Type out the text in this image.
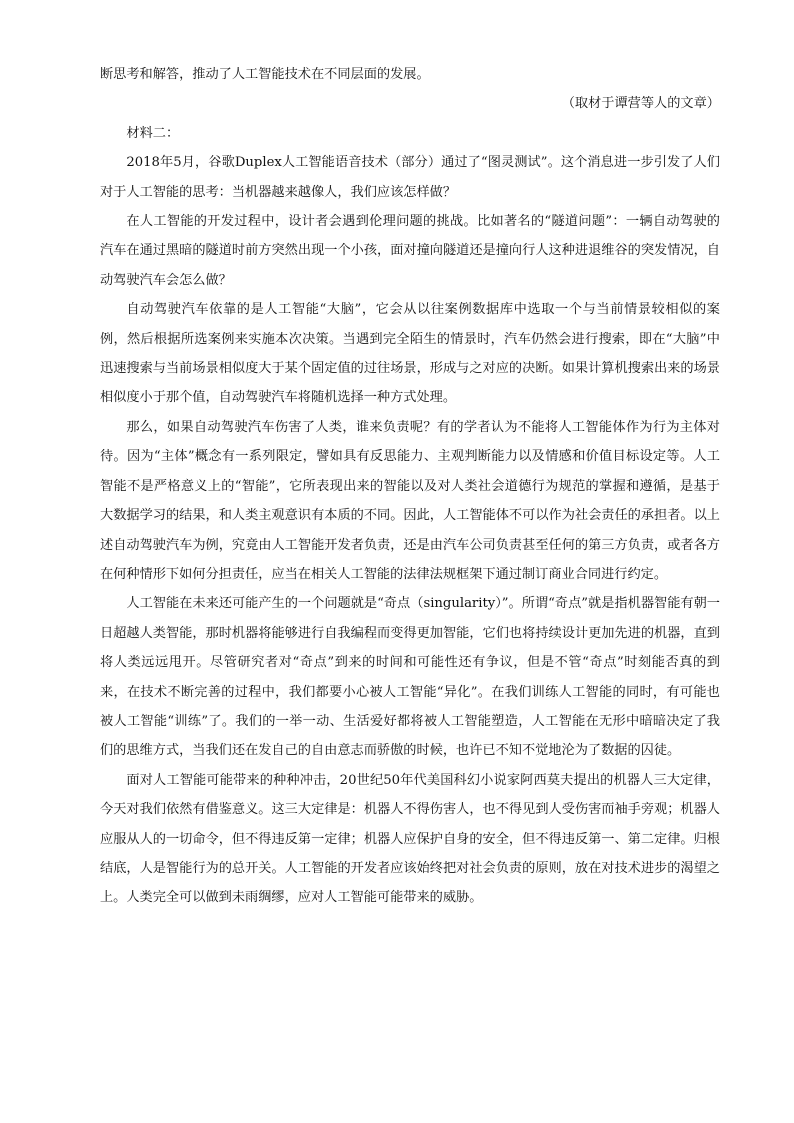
断思考和解答，推动了人工智能技术在不同层面的发展。

（取材于谭营等人的文章）

材料二：

2018年5月，谷歌Duplex人工智能语音技术（部分）通过了“图灵测试”。这个消息进一步引发了人们对于人工智能的思考：当机器越来越像人，我们应该怎样做？

在人工智能的开发过程中，设计者会遇到伦理问题的挑战。比如著名的“隧道问题”：一辆自动驾驶的汽车在通过黑暗的隧道时前方突然出现一个小孩，面对撞向隧道还是撞向行人这种进退维谷的突发情况，自动驾驶汽车会怎么做？

自动驾驶汽车依靠的是人工智能“大脑”，它会从以往案例数据库中选取一个与当前情景较相似的案例，然后根据所选案例来实施本次决策。当遇到完全陌生的情景时，汽车仍然会进行搜索，即在“大脑”中迅速搜索与当前场景相似度大于某个固定值的过往场景，形成与之对应的决断。如果计算机搜索出来的场景相似度小于那个值，自动驾驶汽车将随机选择一种方式处理。

那么，如果自动驾驶汽车伤害了人类，谁来负责呢？有的学者认为不能将人工智能体作为行为主体对待。因为“主体”概念有一系列限定，譬如具有反思能力、主观判断能力以及情感和价值目标设定等。人工智能不是严格意义上的“智能”，它所表现出来的智能以及对人类社会道德行为规范的掌握和遵循，是基于大数据学习的结果，和人类主观意识有本质的不同。因此，人工智能体不可以作为社会责任的承担者。以上述自动驾驶汽车为例，究竟由人工智能开发者负责，还是由汽车公司负责甚至任何的第三方负责，或者各方在何种情形下如何分担责任，应当在相关人工智能的法律法规框架下通过制订商业合同进行约定。

人工智能在未来还可能产生的一个问题就是“奇点（singularity）”。所谓“奇点”就是指机器智能有朝一日超越人类智能，那时机器将能够进行自我编程而变得更加智能，它们也将持续设计更加先进的机器，直到将人类远远甩开。尽管研究者对“奇点”到来的时间和可能性还有争议，但是不管“奇点”时刻能否真的到来，在技术不断完善的过程中，我们都要小心被人工智能“异化”。在我们训练人工智能的同时，有可能也被人工智能“训练”了。我们的一举一动、生活爱好都将被人工智能塑造，人工智能在无形中暗暗决定了我们的思维方式，当我们还在发自己的自由意志而骄傲的时候，也许已不知不觉地沦为了数据的囚徒。

面对人工智能可能带来的种种冲击，20世纪50年代美国科幻小说家阿西莫夫提出的机器人三大定律，今天对我们依然有借鉴意义。这三大定律是：机器人不得伤害人，也不得见到人受伤害而袖手旁观；机器人应服从人的一切命令，但不得违反第一定律；机器人应保护自身的安全，但不得违反第一、第二定律。归根结底，人是智能行为的总开关。人工智能的开发者应该始终把对社会负责的原则，放在对技术进步的渴望之上。人类完全可以做到未雨绸缪，应对人工智能可能带来的威胁。
